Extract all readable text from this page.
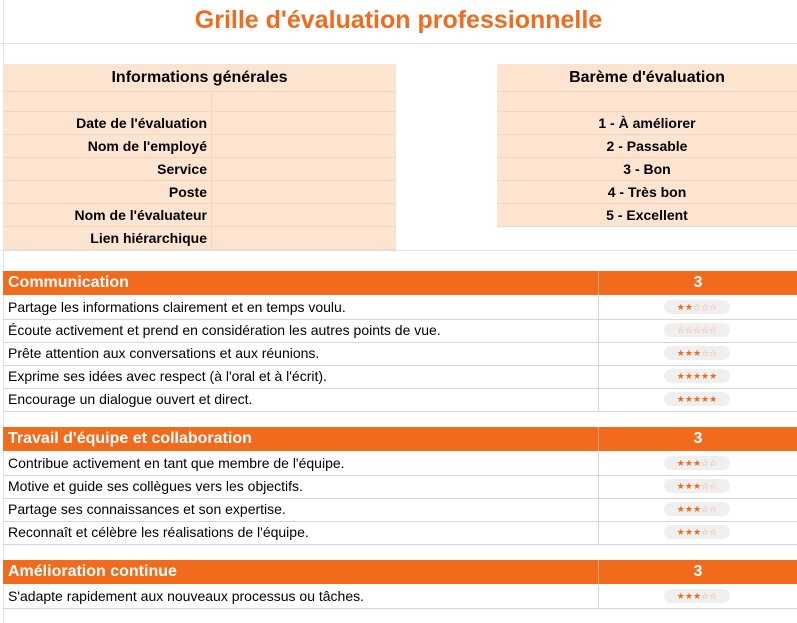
Grille d'évaluation professionnelle
Informations générales
Date de l'évaluation
Nom de l'employé
Service
Poste
Nom de l'évaluateur
Lien hiérarchique
Barème d'évaluation
1 - À améliorer
2 - Passable
3 - Bon
4 - Très bon
5 - Excellent
Communication	3
Partage les informations clairement et en temps voulu.	★ ★ ☆ ☆ ☆
Écoute activement et prend en considération les autres points de vue.	☆ ☆ ☆ ☆ ☆
Prête attention aux conversations et aux réunions.	★ ★ ★ ☆ ☆
Exprime ses idées avec respect (à l'oral et à l'écrit).	★ ★ ★ ★ ★
Encourage un dialogue ouvert et direct.	★ ★ ★ ★ ★
Travail d'équipe et collaboration	3
Contribue activement en tant que membre de l'équipe.	★ ★ ★ ☆ ☆
Motive et guide ses collègues vers les objectifs.	★ ★ ★ ☆ ☆
Partage ses connaissances et son expertise.	★ ★ ★ ☆ ☆
Reconnaît et célèbre les réalisations de l'équipe.	★ ★ ★ ☆ ☆
Amélioration continue	3
S'adapte rapidement aux nouveaux processus ou tâches.	★ ★ ★ ☆ ☆
